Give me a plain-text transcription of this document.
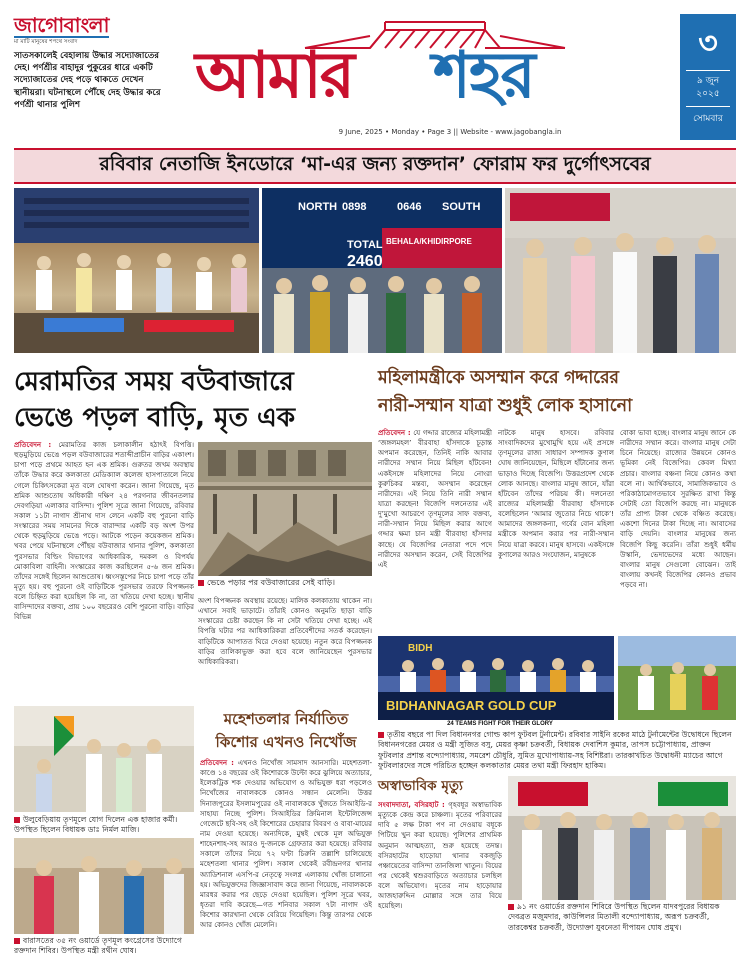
জাগোবাংলা
মা মাটি মানুষের শপথে সংবাদ
সাতসকালেই বেহালায় উদ্ধার সদ্যোজাতের দেহ। পর্ণশ্রীর বাহাদুর পুকুরের ধারে একটি সদ্যোজাতের দেহ পড়ে থাকতে দেখেন স্থানীয়রা। ঘটনাস্থলে পৌঁছে দেহ উদ্ধার করে পর্ণশ্রী থানার পুলিশ	আমার শহর
9 June, 2025 • Monday • Page 3 || Website - www.jagobangla.in
৩
৯ জুন
২০২৫
সোমবার
রবিবার নেতাজি ইনডোরে ‘মা-এর জন্য রক্তদান’ ফোরাম ফর দুর্গোৎসবের
NORTH 0898	0646 SOUTH
TOTAL
2460
BEHALA/KHIDIRPORE
মেরামতির সময় বউবাজারে
ভেঙে পড়ল বাড়ি, মৃত এক
প্রতিবেদন : মেরামতির কাজ চলাকালীন হঠাৎই বিপত্তি। হুড়মুড়িয়ে ভেঙে পড়ল বউবাজারের শতাব্দীপ্রাচীন বাড়ির একাংশ। চাপা পড়ে প্রথমে আহত হন এক শ্রমিক। গুরুতর জখম অবস্থায় তাঁকে উদ্ধার করে কলকাতা মেডিক্যাল কলেজ হাসপাতালে নিয়ে গেলে চিকিৎসকেরা মৃত বলে ঘোষণা করেন। জানা গিয়েছে, মৃত শ্রমিক আশুতোষ অধিকারী দক্ষিণ ২৪ পরগনার জীবনতলার দেবগড়িয়া এলাকার বাসিন্দা। পুলিশ সূত্রে জানা গিয়েছে, রবিবার সকাল ১১টা নাগাদ শ্রীনাথ দাস লেনে একটি বহু পুরনো বাড়ি সংস্কারের সময় সামনের দিকে বারান্দার একটি বড় অংশ উপর থেকে হুড়মুড়িয়ে ভেঙে পড়ে। আটকে পড়েন কয়েকজন শ্রমিক। খবর পেয়ে ঘটনাস্থলে পৌঁছয় বউবাজার থানার পুলিশ, কলকাতা পুরসভার বিল্ডিং বিভাগের আধিকারিক, দমকল ও বিপর্যয় মোকাবিলা বাহিনী। সংস্কারের কাজ করছিলেন ৫-৬ জন শ্রমিক। তাঁদের সঙ্গেই ছিলেন আশুতোষ। ধ্বংসস্তূপের নিচে চাপা পড়ে তাঁর মৃত্যু হয়। বহু পুরনো ওই বাড়িটিকে পুরসভার তরফে বিপজ্জনক বলে চিহ্নিত করা হয়েছিল কি না, তা খতিয়ে দেখা হচ্ছে। স্থানীয় বাসিন্দাদের বক্তব্য, প্রায় ১০০ বছরেরও বেশি পুরনো বাড়ি। বাড়ির বিভিন্ন
ভেঙে পড়ার পর বউবাজারের সেই বাড়ি।
অংশ বিপজ্জনক অবস্থায় রয়েছে। মালিক কলকাতায় থাকেন না। এখানে সবাই ভাড়াটে। তাঁরাই কোনও অনুমতি ছাড়া বাড়ি সংস্কারের চেষ্টা করছেন কি না সেটা খতিয়ে দেখা হচ্ছে। এই বিপত্তি ঘটার পর আধিকারিকরা প্রতিবেশীদের সতর্ক করেছেন। বাড়িটিকে আপাতত ঘিরে দেওয়া হয়েছে। নতুন করে বিপজ্জনক বাড়ির তালিকাভুক্ত করা হবে বলে জানিয়েছেন পুরসভার আধিকারিকরা।
মহিলামন্ত্রীকে অসম্মান করে গদ্দারের
নারী-সম্মান যাত্রা শুধুই লোক হাসানো
প্রতিবেদন : যে গদ্দার রাজ্যের মহিলামন্ত্রী ‘জঙ্গলমহল’ বীরবাহা হাঁসদাকে চূড়ান্ত অপমান করেছেন, তিনিই নাকি আবার নারীদের সম্মান নিয়ে মিছিল হাঁটবেন! একইসঙ্গে মহিলাদের নিয়ে নোংরা কুরুচিকর মন্তব্য, অসম্মান করেছেন নারীদের। এই নিয়ে তিনি নারী সম্মান যাত্রা করছেন! বিজেপি দলনেতার এই দু’মুখো আচরণে তৃণমূলের সাফ বক্তব্য, নারী-সম্মান নিয়ে মিছিল করার আগে গদ্দার ক্ষমা চান মন্ত্রী বীরবাহা হাঁসদার কাছে। যে বিজেপির নেতারা পদে পদে নারীদের অসম্মান করেন, সেই বিজেপির এই
নাটকে মানুষ হাসবে। রবিবার সাংবাদিকদের মুখোমুখি হয়ে এই প্রসঙ্গে তৃণমূলের রাজ্য সাধারণ সম্পাদক কুণাল ঘোষ জানিয়েছেন, মিছিলে হাঁটানোর জন্য ভাড়াও দিচ্ছে বিজেপি। উত্তরপ্রদেশ থেকে লোক আনছে। বাংলার মানুষ জানে, যাঁরা হাঁটবেন তাঁদের পরিচয় কী। দলনেতা রাজ্যের মহিলামন্ত্রী বীরবাহা হাঁসদাকে বলেছিলেন ‘আমার জুতোর নিচে থাকে’! আমাদের জঙ্গলকন্যা, গর্বের বোন মহিলা মন্ত্রীকে অপমান করার পর নারী-সম্মান নিয়ে যাত্রা করবে। মানুষ হাসবে। একইসঙ্গে কুণালের আরও সংযোজন, মানুষকে
বোকা ভাবা হচ্ছে। বাংলার মানুষ জানে কে নারীদের সম্মান করে। বাংলার মানুষ সেটা চিনে নিয়েছে। রাজ্যের উন্নয়নে কোনও ভূমিকা নেই বিজেপির। কেবল মিথ্যা প্রচার। বাংলার বঞ্চনা নিয়ে কোনও কথা বলে না। আর্থিকভাবে, সামাজিকভাবে ও পরিকাঠামোগতভাবে সুরক্ষিত রাখা কিন্তু সেটাই তো বিজেপি করছে না। মানুষকে তাঁর প্রাপ্য টাকা থেকে বঞ্চিত করেছে। একশো দিনের টাকা দিচ্ছে না। আবাসের বাড়ি দেয়নি। বাংলার মানুষের জন্য বিজেপি কিছু করেনি। তাঁরা শুধুই ধর্মীয় উস্কানি, ভেদাভেদের মধ্যে আছেন। বাংলার মানুষ সেগুলো বোঝেন। তাই বাংলায় কখনই বিজেপির কোনও প্রভাব পড়বে না।
BIDH
BIDHANNAGAR GOLD CUP
24 TEAMS FIGHT FOR THEIR GLORY
তৃতীয় বছরে পা দিল বিধাননগর গোল্ড কাপ ফুটবল টুর্নামেন্ট। রবিবার সাইনি রকের মাঠে টুর্নামেন্টের উদ্বোধনে ছিলেন বিধাননগরের মেয়র ও মন্ত্রী সুজিত বসু, মেয়র কৃষ্ণা চক্রবর্তী, বিধায়ক দেবাশিস কুমার, তাপস চট্টোপাধ্যায়, প্রাক্তন ফুটবলার প্রশান্ত বন্দ্যোপাধ্যায়, সমরেশ চৌধুরি, সুমিত মুখোপাধ্যায়-সহ বিশিষ্টরা। তারকাখচিত উদ্বোধনী ম্যাচের আগে ফুটবলারদের সঙ্গে পরিচিত হচ্ছেন কলকাতার মেয়র তথা মন্ত্রী ফিরহাদ হাকিম।
উলুবেড়িয়ায় তৃণমূলে যোগ দিলেন এক হাজার কর্মী। উপস্থিত ছিলেন বিধায়ক ডাঃ নির্মল মাজি।
বারাসতের ৩৫ নং ওয়ার্ডে তৃণমূল কংগ্রেসের উদ্যোগে রক্তদান শিবির। উপস্থিত মন্ত্রী রথীন ঘোষ।
মহেশতলার নির্যাতিত
কিশোর এখনও নিখোঁজ
প্রতিবেদন : এখনও নিখোঁজ সামসাদ আনসারি। মহেশতলা-কাণ্ডে ১৪ বছরের ওই কিশোরকে উল্টো করে ঝুলিয়ে অত্যাচার, ইলেকট্রিক শক দেওয়ার অভিযোগ ও অভিযুক্ত ধরা পড়লেও নিখোঁজের নাবালককে কোনও সন্ধান মেলেনি। উত্তর দিনাজপুরের ইসলামপুরের ওই নাবালককে খুঁজতে সিআইডি-র সাহায্য নিচ্ছে পুলিশ। সিআইডির ক্রিমিনাল ইন্টেলিজেন্স গেজেটে ছবি-সহ ওই কিশোরের চেহারার বিবরণ ও বাবা-মায়ের নাম দেওয়া হয়েছে। অন্যদিকে, মুম্বই থেকে মূল অভিযুক্ত শাহেনশাহ-সহ আরও দু-জনকে গ্রেফতার করা হয়েছে। রবিবার সকালে তাঁদের নিয়ে ৭২ ঘণ্টা চিরুনি তল্লাশি চালিয়েছে মহেশতলা থানার পুলিশ। সকাল থেকেই রবীন্দ্রনগর থানার অ্যাডিশনাল এসপি-র নেতৃত্বে সংলগ্ন এলাকায় খোঁজ চালানো হয়। অভিযুক্তদের জিজ্ঞাসাবাদ করে জানা গিয়েছে, নাবালককে মারধর করার পর ছেড়ে দেওয়া হয়েছিল। পুলিশ সূত্রে খবর, ধৃতরা দাবি করেছে—গত শনিবার সকাল ৭টা নাগাদ ওই কিশোর কারখানা থেকে বেরিয়ে গিয়েছিল। কিন্তু তারপর থেকে আর কোনও খোঁজ মেলেনি।
অস্বাভাবিক মৃত্যু
সংবাদদাতা, বসিরহাট : গৃহবধূর অস্বাভাবিক মৃত্যুকে কেন্দ্র করে চাঞ্চল্য। মৃতের পরিবারের দাবি ৫ লক্ষ টাকা পণ না দেওয়ায় বধূকে পিটিয়ে খুন করা হয়েছে। পুলিশের প্রাথমিক অনুমান আত্মহত্যা, শুরু হয়েছে তদন্ত। বসিরহাটের হাড়োয়া থানার বকজুড়ি পঞ্চায়েতের বাসিন্দা তানজিলা খাতুন। বিয়ের পর থেকেই শ্বশুরবাড়িতে অত্যাচার চলছিল বলে অভিযোগ। মৃতের নাম হাড়োয়ার আজহারুদ্দিন মোল্লার সঙ্গে তার বিয়ে হয়েছিল।	৯১ নং ওয়ার্ডের রক্তদান শিবিরে উপস্থিত ছিলেন যাদবপুরের বিধায়ক দেবব্রত মজুমদার, কাউন্সিলর মিতালী বন্দ্যোপাধ্যায়, অরূপ চক্রবর্তী, তারকেশ্বর চক্রবর্তী, উদ্যোক্তা যুবনেতা দীপায়ন ঘোষ প্রমুখ।
